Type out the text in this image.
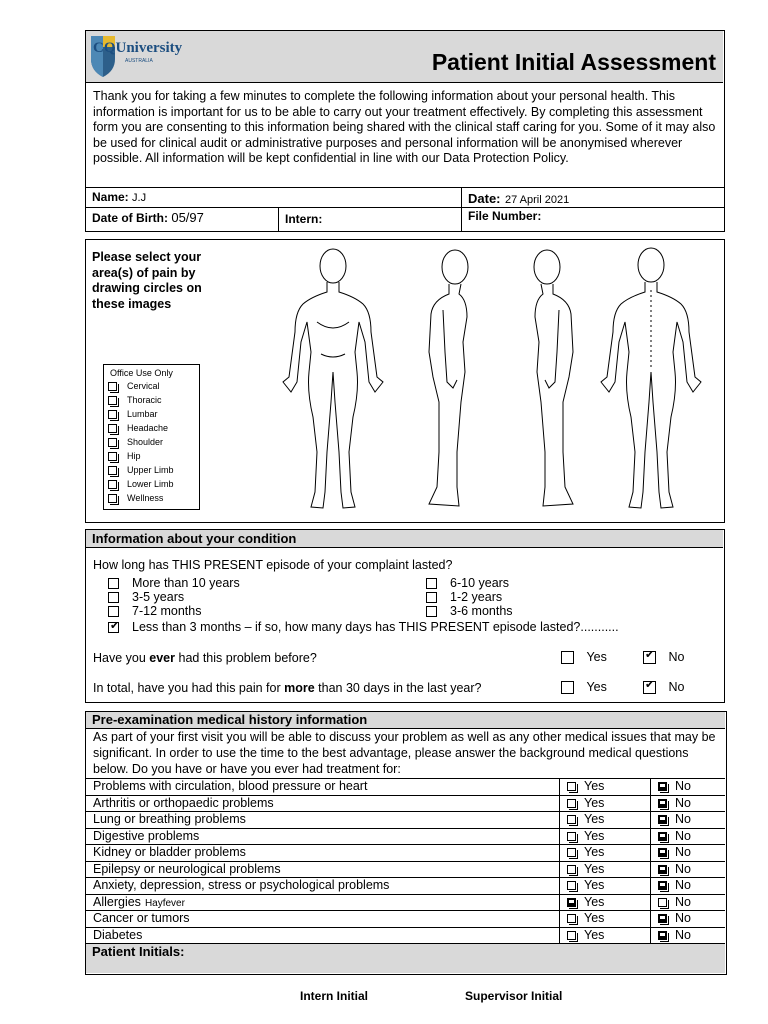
CQUniversity
AUSTRALIA	Patient Initial Assessment
Thank you for taking a few minutes to complete the following information about your personal health. This information is important for us to be able to carry out your treatment effectively. By completing this assessment form you are consenting to this information being shared with the clinical staff caring for you. Some of it may also be used for clinical audit or administrative purposes and personal information will be anonymised wherever possible. All information will be kept confidential in line with our Data Protection Policy.
Name: J.J	Date: 27 April 2021
Date of Birth: 05/97	Intern:	File Number:
Please select your area(s) of pain by drawing circles on these images
Office Use Only
Cervical
Thoracic
Lumbar
Headache
Shoulder
Hip
Upper Limb
Lower Limb
Wellness
Information about your condition
How long has THIS PRESENT episode of your complaint lasted?
More than 10 years	6-10 years
3-5 years	1-2 years
7-12 months	3-6 months
✔Less than 3 months – if so, how many days has THIS PRESENT episode lasted?...........
Have you ever had this problem before?	Yes ✔	No
In total, have you had this pain for more than 30 days in the last year?	Yes ✔	No
Pre-examination medical history information
As part of your first visit you will be able to discuss your problem as well as any other medical issues that may be significant. In order to use the time to the best advantage, please answer the background medical questions below. Do you have or have you ever had treatment for:
Problems with circulation, blood pressure or heart	Yes	No
Arthritis or orthopaedic problems	Yes	No
Lung or breathing problems	Yes	No
Digestive problems	Yes	No
Kidney or bladder problems	Yes	No
Epilepsy or neurological problems	Yes	No
Anxiety, depression, stress or psychological problems	Yes	No
Allergies Hayfever	Yes	No
Cancer or tumors	Yes	No
Diabetes	Yes	No
Patient Initials:
Intern Initial	Supervisor Initial
